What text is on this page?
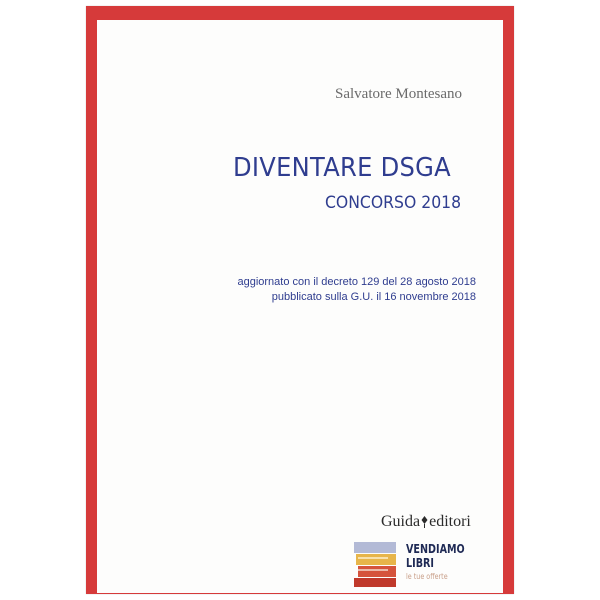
Salvatore Montesano
DIVENTARE DSGA
CONCORSO 2018
aggiornato con il decreto 129 del 28 agosto 2018
pubblicato sulla G.U. il 16 novembre 2018
Guida editori
VENDIAMO
LIBRI
le tue offerte
